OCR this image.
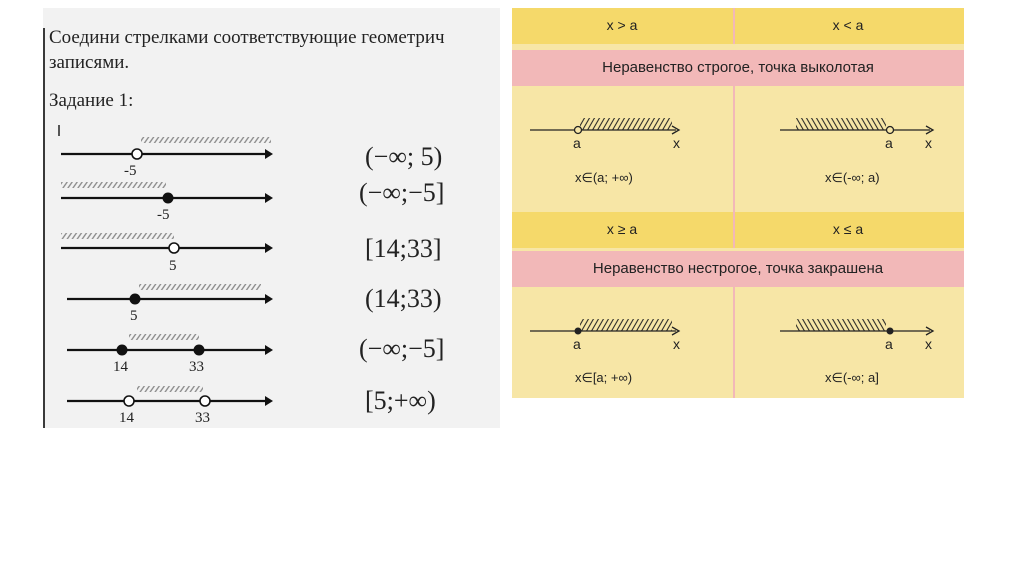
Соедини стрелками соответствующие геометрич
записями.
Задание 1:
-5
-5
5
5
14	33
14	33
(−∞; 5)
(−∞;−5]
[14;33]
(14;33)
(−∞;−5]
[5;+∞)
x > a	x < a
Неравенство строгое, точка выколотая
x ≥ a	x ≤ a
Неравенство нестрогое, точка закрашена
a	x	a x
x∈(a; +∞)	x∈(-∞; a)
a	x	a x
x∈[a; +∞)	x∈(-∞; a]
